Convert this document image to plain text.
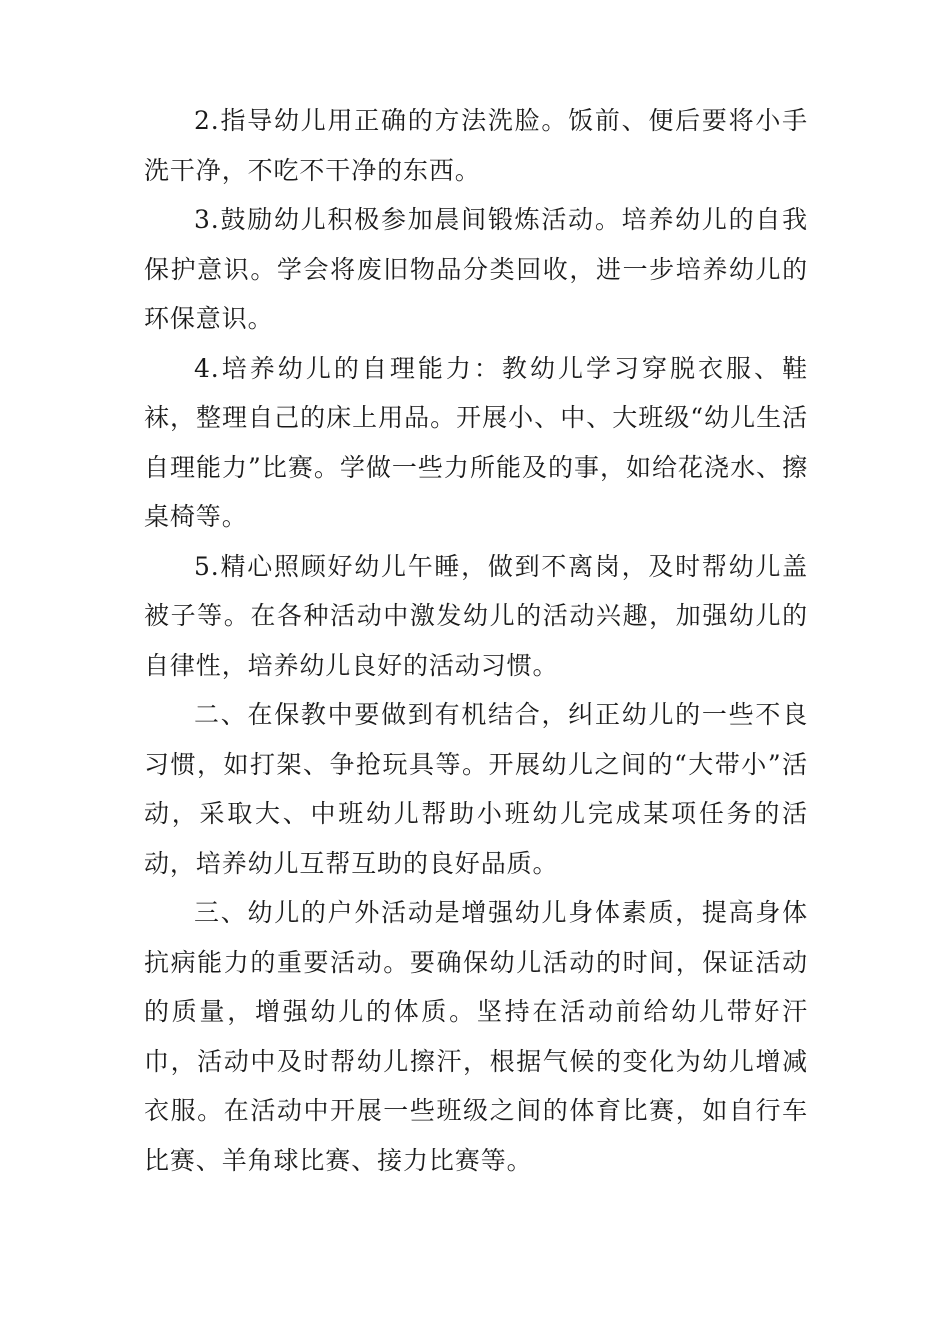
2.指导幼儿用正确的方法洗脸。饭前、便后要将小手洗干净，不吃不干净的东西。

3.鼓励幼儿积极参加晨间锻炼活动。培养幼儿的自我保护意识。学会将废旧物品分类回收，进一步培养幼儿的环保意识。

4.培养幼儿的自理能力：教幼儿学习穿脱衣服、鞋袜，整理自己的床上用品。开展小、中、大班级“幼儿生活自理能力”比赛。学做一些力所能及的事，如给花浇水、擦桌椅等。

5.精心照顾好幼儿午睡，做到不离岗，及时帮幼儿盖被子等。在各种活动中激发幼儿的活动兴趣，加强幼儿的自律性，培养幼儿良好的活动习惯。

二、在保教中要做到有机结合，纠正幼儿的一些不良习惯，如打架、争抢玩具等。开展幼儿之间的“大带小”活动，采取大、中班幼儿帮助小班幼儿完成某项任务的活动，培养幼儿互帮互助的良好品质。

三、幼儿的户外活动是增强幼儿身体素质，提高身体抗病能力的重要活动。要确保幼儿活动的时间，保证活动的质量，增强幼儿的体质。坚持在活动前给幼儿带好汗巾，活动中及时帮幼儿擦汗，根据气候的变化为幼儿增减衣服。在活动中开展一些班级之间的体育比赛，如自行车比赛、羊角球比赛、接力比赛等。
